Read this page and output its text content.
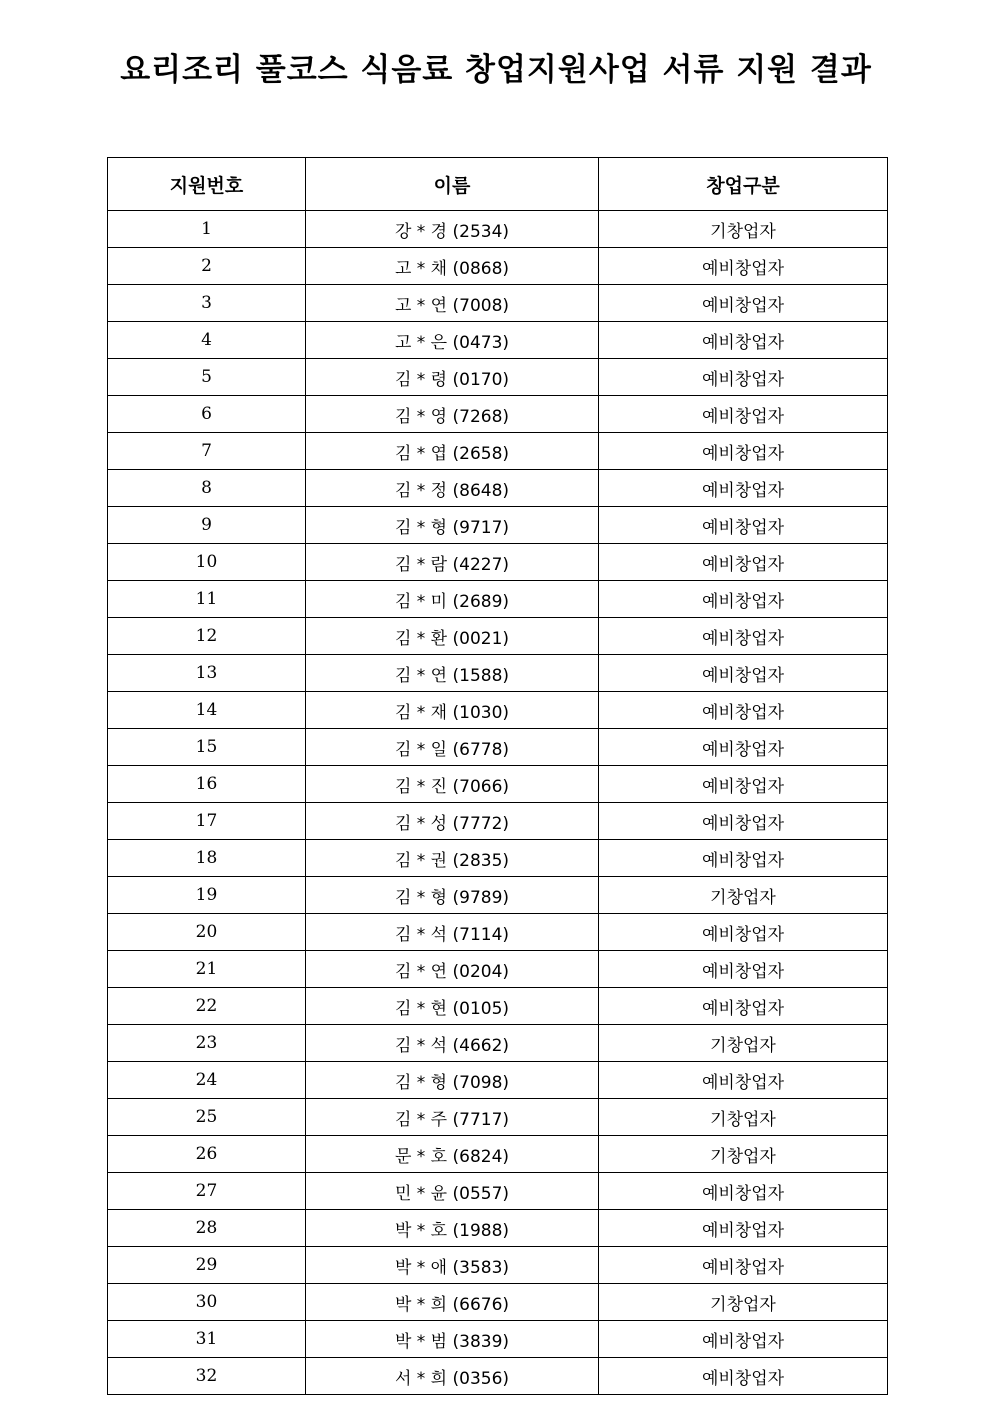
요리조리 풀코스 식음료 창업지원사업 서류 지원 결과
지원번호	이름	창업구분
1	강 * 경 (2534)	기창업자
2	고 * 채 (0868)	예비창업자
3	고 * 연 (7008)	예비창업자
4	고 * 은 (0473)	예비창업자
5	김 * 령 (0170)	예비창업자
6	김 * 영 (7268)	예비창업자
7	김 * 엽 (2658)	예비창업자
8	김 * 정 (8648)	예비창업자
9	김 * 형 (9717)	예비창업자
10	김 * 람 (4227)	예비창업자
11	김 * 미 (2689)	예비창업자
12	김 * 환 (0021)	예비창업자
13	김 * 연 (1588)	예비창업자
14	김 * 재 (1030)	예비창업자
15	김 * 일 (6778)	예비창업자
16	김 * 진 (7066)	예비창업자
17	김 * 성 (7772)	예비창업자
18	김 * 권 (2835)	예비창업자
19	김 * 형 (9789)	기창업자
20	김 * 석 (7114)	예비창업자
21	김 * 연 (0204)	예비창업자
22	김 * 현 (0105)	예비창업자
23	김 * 석 (4662)	기창업자
24	김 * 형 (7098)	예비창업자
25	김 * 주 (7717)	기창업자
26	문 * 호 (6824)	기창업자
27	민 * 윤 (0557)	예비창업자
28	박 * 호 (1988)	예비창업자
29	박 * 애 (3583)	예비창업자
30	박 * 희 (6676)	기창업자
31	박 * 범 (3839)	예비창업자
32	서 * 희 (0356)	예비창업자
